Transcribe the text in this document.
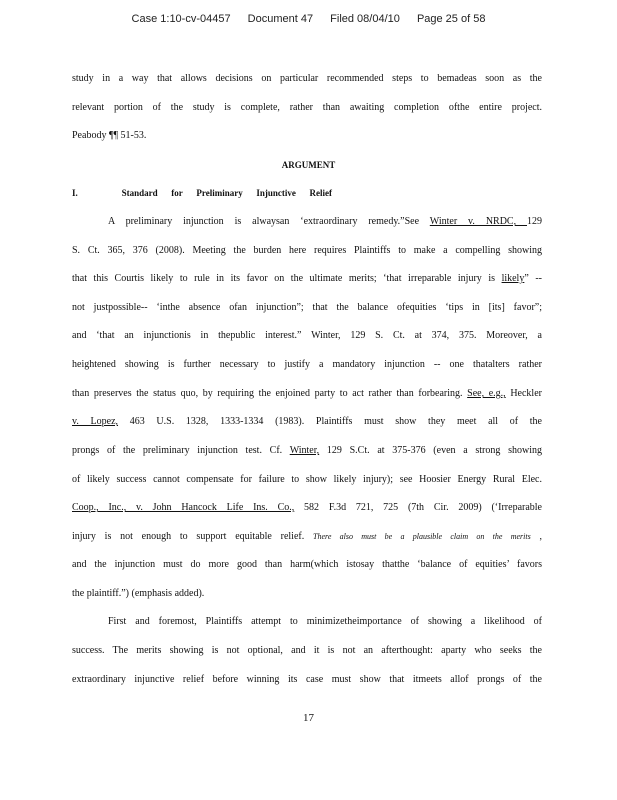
Case 1:10-cv-04457 Document 47 Filed 08/04/10 Page 25 of 58
study in a way that allows decisions on particular recommended steps to bemadeas soon as the
relevant portion of the study is complete, rather than awaiting completion ofthe entire project.
Peabody ¶¶ 51-53.
ARGUMENT
I.	Standard for Preliminary Injunctive Relief
A preliminary injunction is alwaysan ‘extraordinary remedy.”See Winter v. NRDC, 129
S. Ct. 365, 376 (2008). Meeting the burden here requires Plaintiffs to make a compelling showing
that this Courtis likely to rule in its favor on the ultimate merits; ‘that irreparable injury is likely” --
not justpossible-- ‘inthe absence ofan injunction”; that the balance ofequities ‘tips in [its] favor”;
and ‘that an injunctionis in thepublic interest.” Winter, 129 S. Ct. at 374, 375. Moreover, a
heightened showing is further necessary to justify a mandatory injunction -- one thatalters rather
than preserves the status quo, by requiring the enjoined party to act rather than forbearing. See, e.g., Heckler
v. Lopez, 463 U.S. 1328, 1333-1334 (1983). Plaintiffs must show they meet all of the
prongs of the preliminary injunction test. Cf. Winter, 129 S.Ct. at 375-376 (even a strong showing
of likely success cannot compensate for failure to show likely injury); see Hoosier Energy Rural Elec.
Coop., Inc., v. John Hancock Life Ins. Co., 582 F.3d 721, 725 (7th Cir. 2009) (‘Irreparable
injury is not enough to support equitable relief. There also must be a plausible claim on the merits ,
and the injunction must do more good than harm(which istosay thatthe ‘balance of equities’ favors
the plaintiff.”) (emphasis added).
First and foremost, Plaintiffs attempt to minimizetheimportance of showing a likelihood of
success. The merits showing is not optional, and it is not an afterthought: aparty who seeks the
extraordinary injunctive relief before winning its case must show that itmeets allof prongs of the
17
